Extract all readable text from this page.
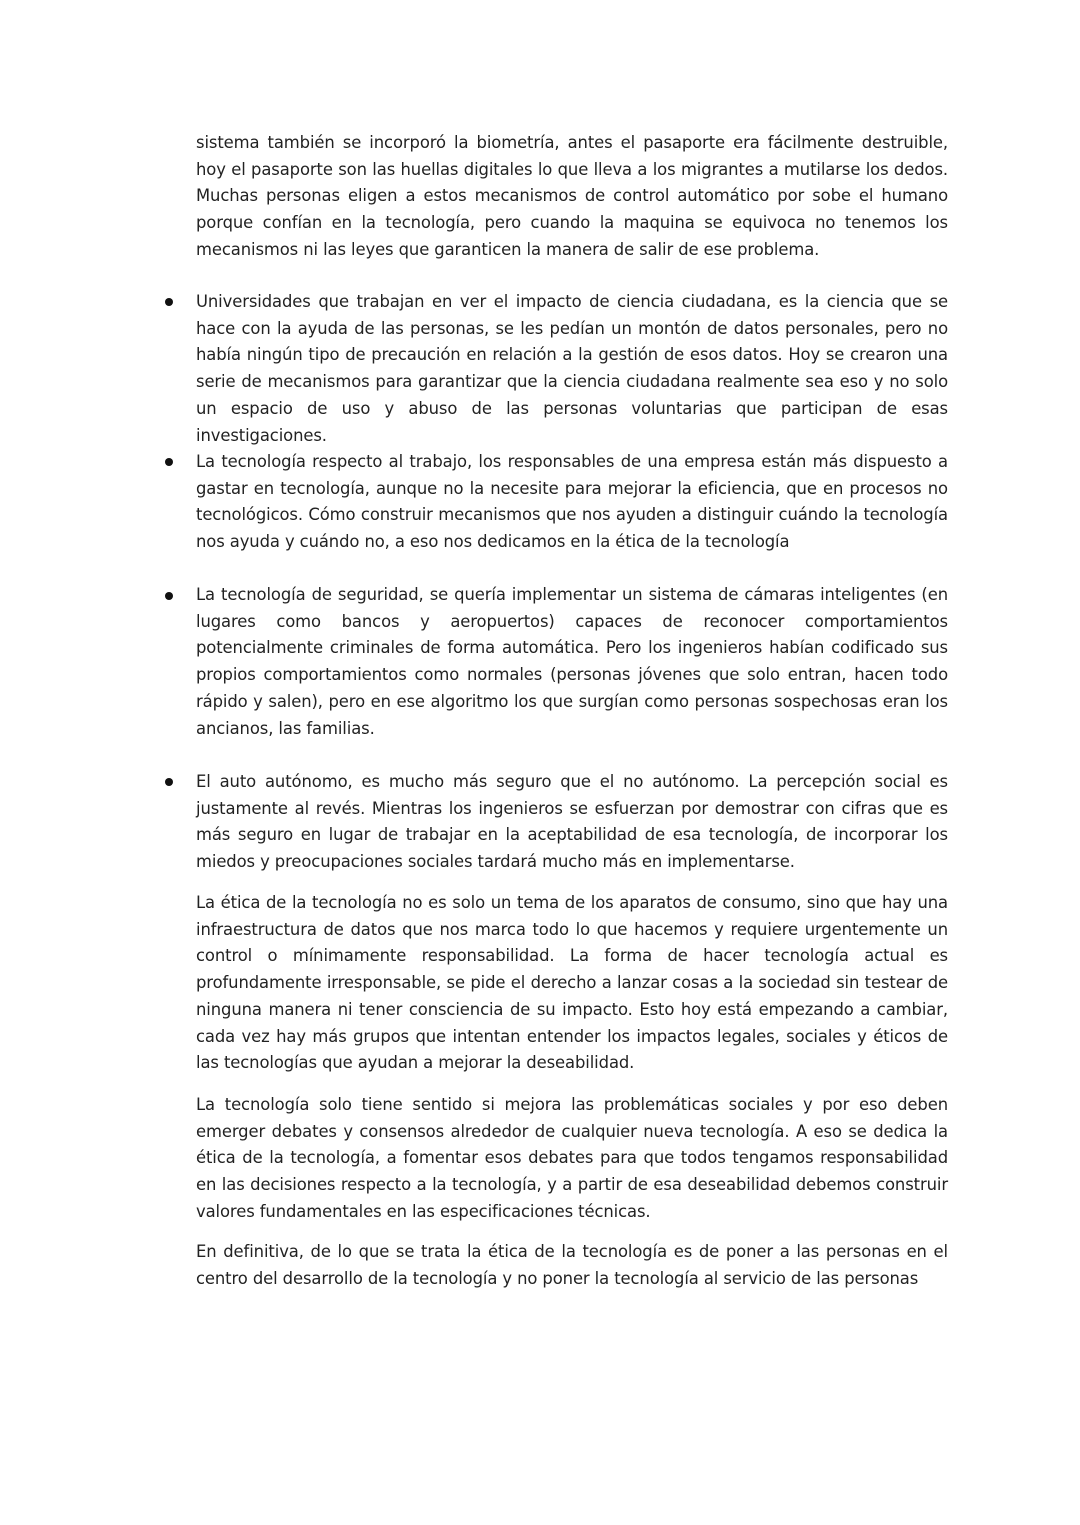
sistema también se incorporó la biometría, antes el pasaporte era fácilmente destruible, hoy el pasaporte son las huellas digitales lo que lleva a los migrantes a mutilarse los dedos. Muchas personas eligen a estos mecanismos de control automático por sobe el humano porque confían en la tecnología, pero cuando la maquina se equivoca no tenemos los mecanismos ni las leyes que garanticen la manera de salir de ese problema.

Universidades que trabajan en ver el impacto de ciencia ciudadana, es la ciencia que se hace con la ayuda de las personas, se les pedían un montón de datos personales, pero no había ningún tipo de precaución en relación a la gestión de esos datos. Hoy se crearon una serie de mecanismos para garantizar que la ciencia ciudadana realmente sea eso y no solo un espacio de uso y abuso de las personas voluntarias que participan de esas investigaciones.

La tecnología respecto al trabajo, los responsables de una empresa están más dispuesto a gastar en tecnología, aunque no la necesite para mejorar la eficiencia, que en procesos no tecnológicos. Cómo construir mecanismos que nos ayuden a distinguir cuándo la tecnología nos ayuda y cuándo no, a eso nos dedicamos en la ética de la tecnología

La tecnología de seguridad, se quería implementar un sistema de cámaras inteligentes (en lugares como bancos y aeropuertos) capaces de reconocer comportamientos potencialmente criminales de forma automática. Pero los ingenieros habían codificado sus propios comportamientos como normales (personas jóvenes que solo entran, hacen todo rápido y salen), pero en ese algoritmo los que surgían como personas sospechosas eran los ancianos, las familias.

El auto autónomo, es mucho más seguro que el no autónomo. La percepción social es justamente al revés. Mientras los ingenieros se esfuerzan por demostrar con cifras que es más seguro en lugar de trabajar en la aceptabilidad de esa tecnología, de incorporar los miedos y preocupaciones sociales tardará mucho más en implementarse.

La ética de la tecnología no es solo un tema de los aparatos de consumo, sino que hay una infraestructura de datos que nos marca todo lo que hacemos y requiere urgentemente un control o mínimamente responsabilidad. La forma de hacer tecnología actual es profundamente irresponsable, se pide el derecho a lanzar cosas a la sociedad sin testear de ninguna manera ni tener consciencia de su impacto. Esto hoy está empezando a cambiar, cada vez hay más grupos que intentan entender los impactos legales, sociales y éticos de las tecnologías que ayudan a mejorar la deseabilidad.

La tecnología solo tiene sentido si mejora las problemáticas sociales y por eso deben emerger debates y consensos alrededor de cualquier nueva tecnología. A eso se dedica la ética de la tecnología, a fomentar esos debates para que todos tengamos responsabilidad en las decisiones respecto a la tecnología, y a partir de esa deseabilidad debemos construir valores fundamentales en las especificaciones técnicas.

En definitiva, de lo que se trata la ética de la tecnología es de poner a las personas en el centro del desarrollo de la tecnología y no poner la tecnología al servicio de las personas
